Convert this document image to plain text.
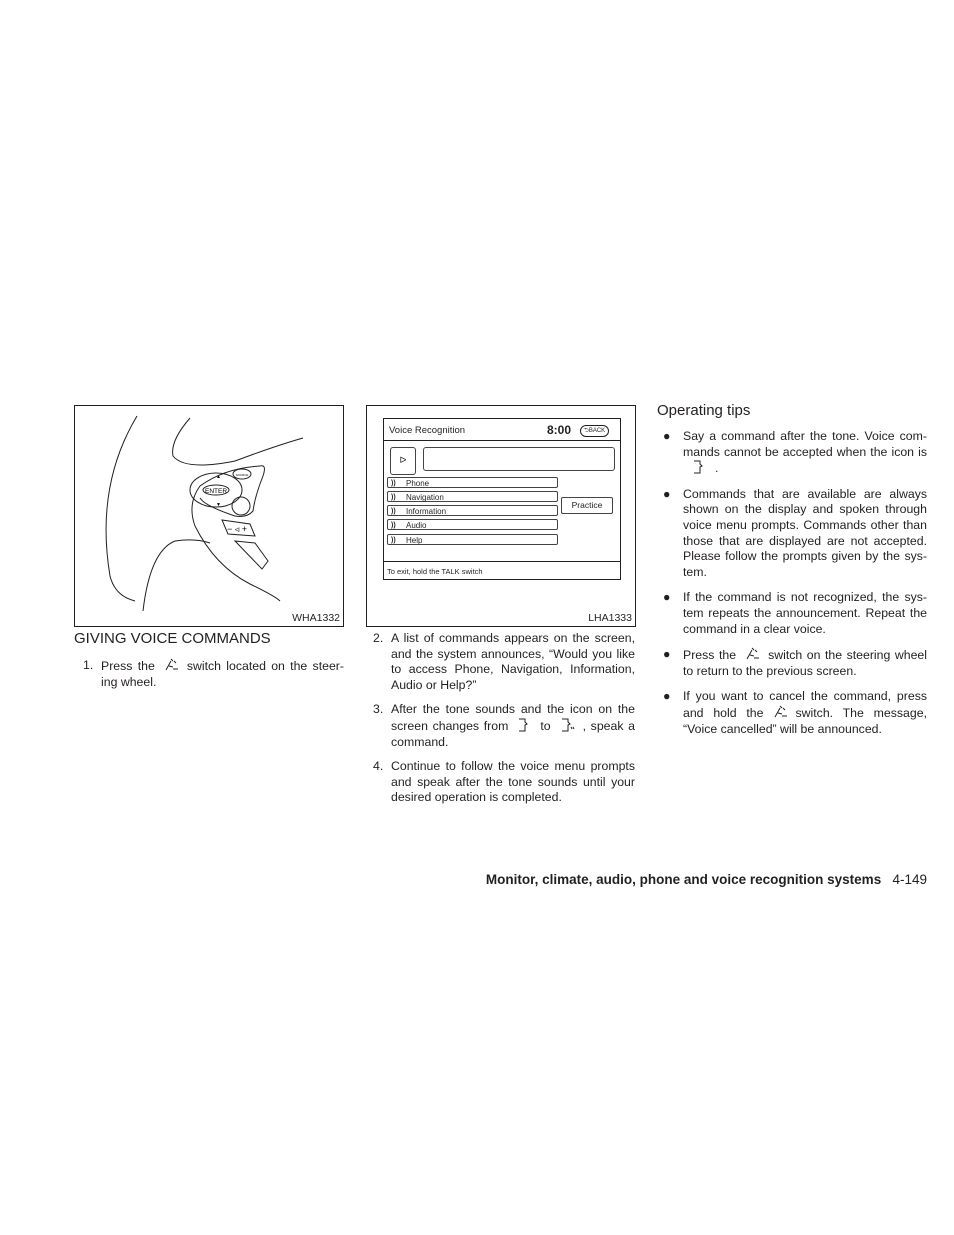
ENTER
SOURCE
− ◃ +
▲
▼
WHA1332
Voice Recognition	8:00	⮌BACK
ᐅ
)) Phone
)) Navigation
)) Information
)) Audio
)) Help
Practice
To exit, hold the TALK switch
LHA1333
GIVING VOICE COMMANDS
1. Press the	switch located on the steer-ing wheel.
2. A list of commands appears on the screen, and the system announces, “Would you like to access Phone, Navigation, Information, Audio or Help?”
3. After the tone sounds and the icon on the screen changes from	to	, speak a command.
4. Continue to follow the voice menu prompts and speak after the tone sounds until your desired operation is completed.
Operating tips
● Say a command after the tone. Voice com-mands cannot be accepted when the icon is.
● Commands that are available are always shown on the display and spoken through voice menu prompts. Commands other than those that are displayed are not accepted. Please follow the prompts given by the sys-tem.
● If the command is not recognized, the sys-tem repeats the announcement. Repeat the command in a clear voice.
● Press the	switch on the steering wheel to return to the previous screen.
● If you want to cancel the command, press and hold the	switch. The message, “Voice cancelled” will be announced.
Monitor, climate, audio, phone and voice recognition systems 4-149
